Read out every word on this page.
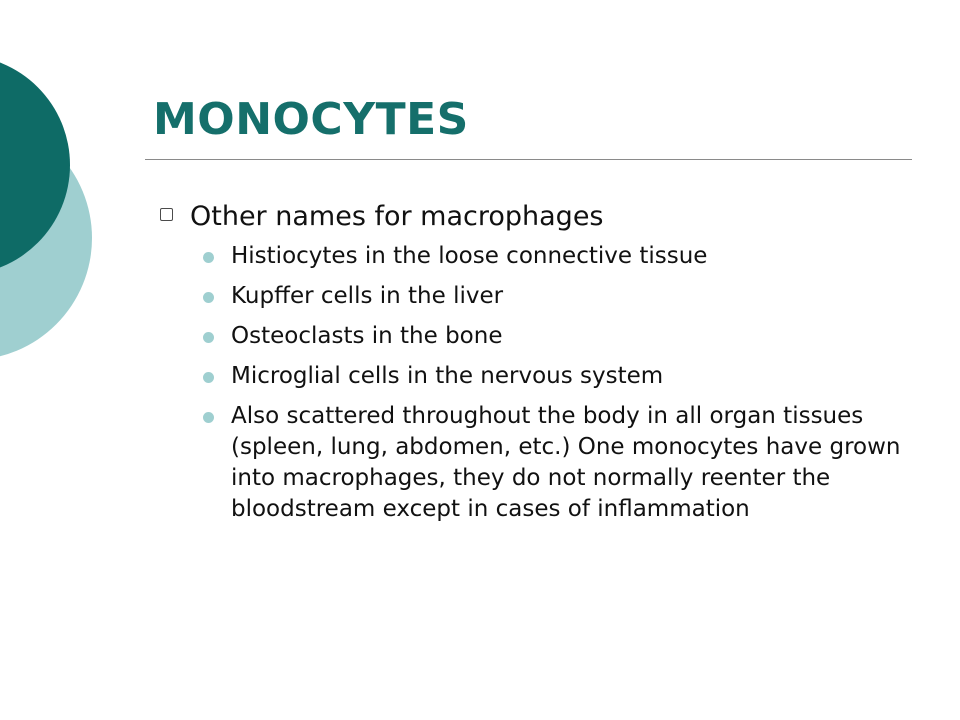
MONOCYTES
Other names for macrophages
Histiocytes in the loose connective tissue
Kupffer cells in the liver
Osteoclasts in the bone
Microglial cells in the nervous system
Also scattered throughout the body in all organ tissues (spleen, lung, abdomen, etc.) One monocytes have grown into macrophages, they do not normally reenter the bloodstream except in cases of inflammation
